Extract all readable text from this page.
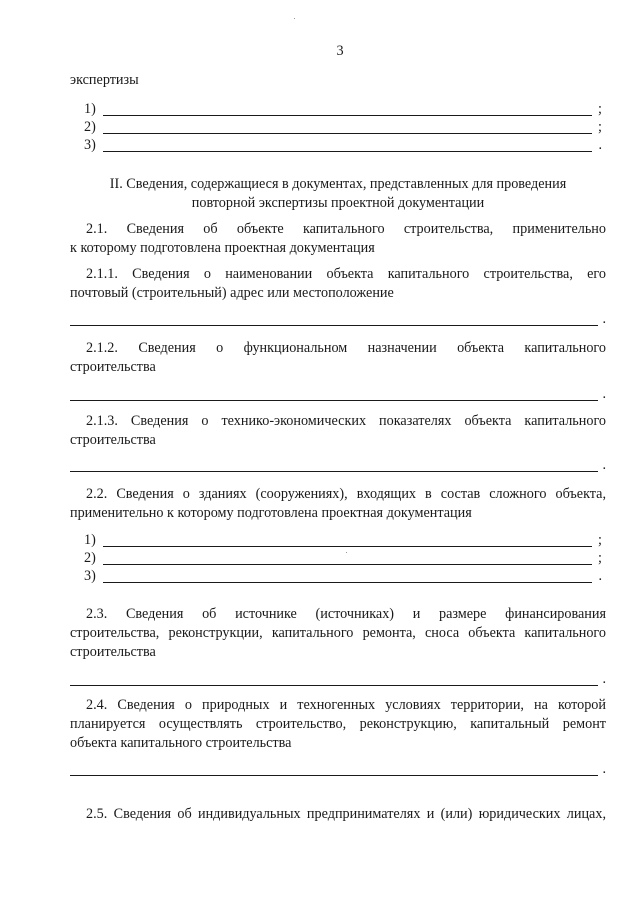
3
экспертизы
1)	;
2)	;
3)	.
II. Сведения, содержащиеся в документах, представленных для проведения
повторной экспертизы проектной документации
2.1. Сведения об объекте капитального строительства, применительно
к которому подготовлена проектная документация
2.1.1. Сведения о наименовании объекта капитального строительства, его
почтовый (строительный) адрес или местоположение
.
2.1.2. Сведения о функциональном назначении объекта капитального
строительства
.
2.1.3. Сведения о технико-экономических показателях объекта капитального
строительства
.
2.2. Сведения о зданиях (сооружениях), входящих в состав сложного объекта,
применительно к которому подготовлена проектная документация
1)	;
2)	;
3)	.
2.3. Сведения об источнике (источниках) и размере финансирования
строительства, реконструкции, капитального ремонта, сноса объекта капитального
строительства
.
2.4. Сведения о природных и техногенных условиях территории, на которой
планируется осуществлять строительство, реконструкцию, капитальный ремонт
объекта капитального строительства
.
2.5. Сведения об индивидуальных предпринимателях и (или) юридических лицах,
